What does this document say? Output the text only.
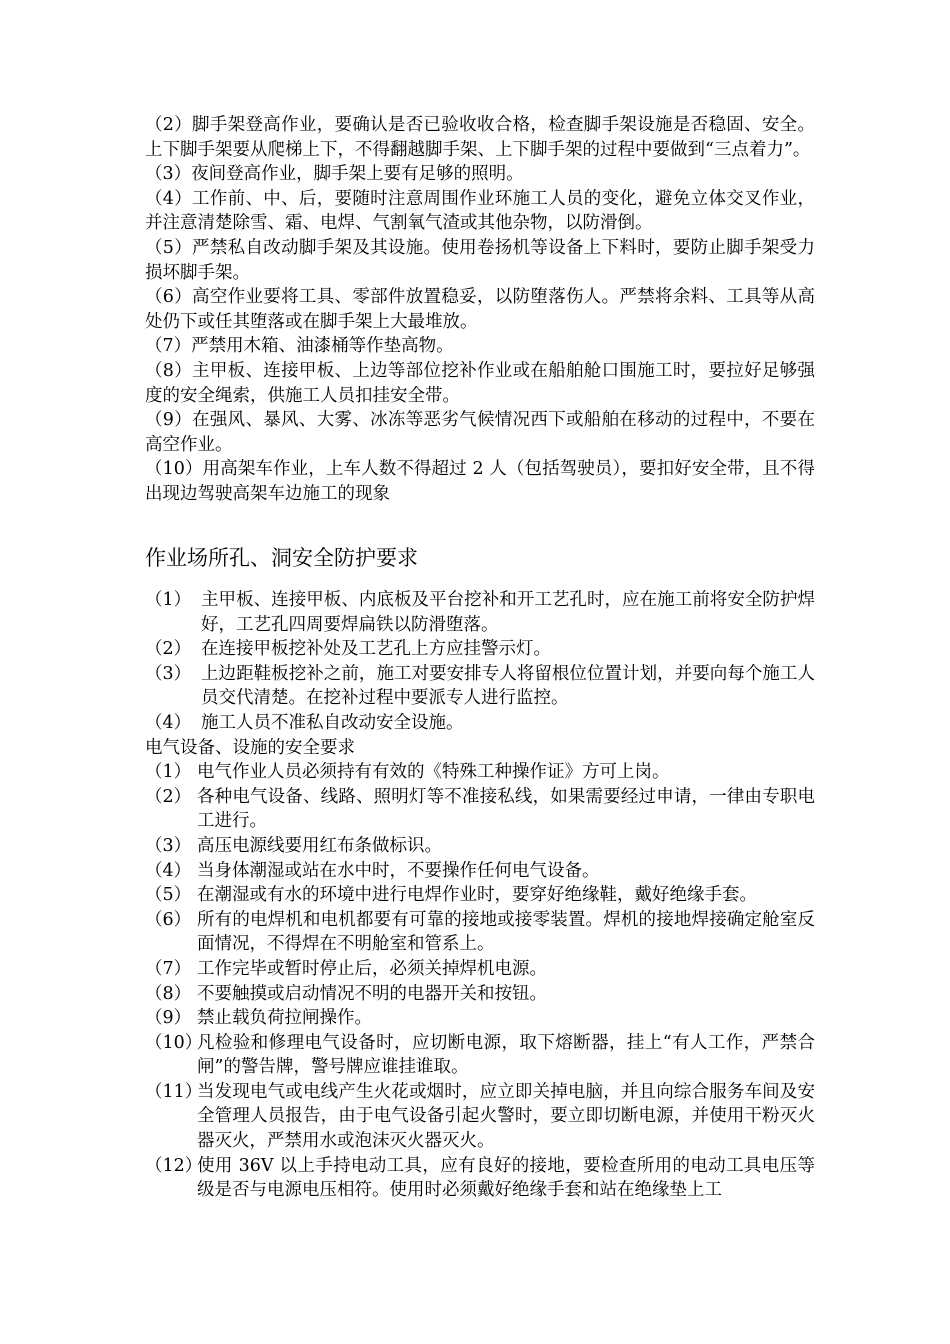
（2）脚手架登高作业，要确认是否已验收收合格，检查脚手架设施是否稳固、安全。上下脚手架要从爬梯上下，不得翻越脚手架、上下脚手架的过程中要做到“三点着力”。

（3）夜间登高作业，脚手架上要有足够的照明。

（4）工作前、中、后，要随时注意周围作业环施工人员的变化，避免立体交叉作业，并注意清楚除雪、霜、电焊、气割氧气渣或其他杂物，以防滑倒。

（5）严禁私自改动脚手架及其设施。使用卷扬机等设备上下料时，要防止脚手架受力损坏脚手架。

（6）高空作业要将工具、零部件放置稳妥，以防堕落伤人。严禁将余料、工具等从高处仍下或任其堕落或在脚手架上大最堆放。

（7）严禁用木箱、油漆桶等作垫高物。

（8）主甲板、连接甲板、上边等部位挖补作业或在船舶舱口围施工时，要拉好足够强度的安全绳索，供施工人员扣挂安全带。

（9）在强风、暴风、大雾、冰冻等恶劣气候情况西下或船舶在移动的过程中，不要在高空作业。

（10）用高架车作业，上车人数不得超过 2 人（包括驾驶员），要扣好安全带，且不得出现边驾驶高架车边施工的现象

作业场所孔、洞安全防护要求
（1） 主甲板、连接甲板、内底板及平台挖补和开工艺孔时，应在施工前将安全防护焊好，工艺孔四周要焊扁铁以防滑堕落。
（2） 在连接甲板挖补处及工艺孔上方应挂警示灯。
（3） 上边距鞋板挖补之前，施工对要安排专人将留根位位置计划，并要向每个施工人员交代清楚。在挖补过程中要派专人进行监控。
（4） 施工人员不准私自改动安全设施。

电气设备、设施的安全要求

（1） 电气作业人员必须持有有效的《特殊工种操作证》方可上岗。
（2） 各种电气设备、线路、照明灯等不准接私线，如果需要经过申请，一律由专职电工进行。
（3） 高压电源线要用红布条做标识。
（4） 当身体潮湿或站在水中时，不要操作任何电气设备。
（5） 在潮湿或有水的环境中进行电焊作业时，要穿好绝缘鞋，戴好绝缘手套。
（6） 所有的电焊机和电机都要有可靠的接地或接零装置。焊机的接地焊接确定舱室反面情况，不得焊在不明舱室和管系上。
（7） 工作完毕或暂时停止后，必须关掉焊机电源。
（8） 不要触摸或启动情况不明的电器开关和按钮。
（9） 禁止载负荷拉闸操作。
（10）
凡检验和修理电气设备时，应切断电源，取下熔断器，挂上“有人工作，严禁合闸”的警告牌，警号牌应谁挂谁取。
（11）
当发现电气或电线产生火花或烟时，应立即关掉电脑，并且向综合服务车间及安全管理人员报告，由于电气设备引起火警时，要立即切断电源，并使用干粉灭火器灭火，严禁用水或泡沫灭火器灭火。
（12）
使用 36V 以上手持电动工具，应有良好的接地，要检查所用的电动工具电压等级是否与电源电压相符。使用时必须戴好绝缘手套和站在绝缘垫上工
